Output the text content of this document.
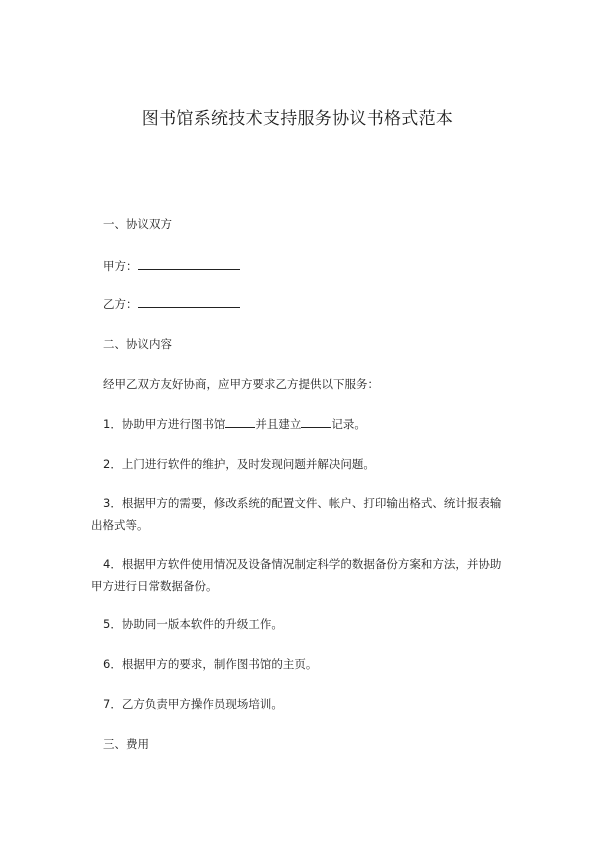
图书馆系统技术支持服务协议书格式范本
一、协议双方
甲方：
乙方：
二、协议内容
经甲乙双方友好协商，应甲方要求乙方提供以下服务：
1．协助甲方进行图书馆	并且建立	记录。
2．上门进行软件的维护，及时发现问题并解决问题。
3．根据甲方的需要，修改系统的配置文件、帐户、打印输出格式、统计报表输出格式等。
4．根据甲方软件使用情况及设备情况制定科学的数据备份方案和方法，并协助甲方进行日常数据备份。
5．协助同一版本软件的升级工作。
6．根据甲方的要求，制作图书馆的主页。
7．乙方负责甲方操作员现场培训。
三、费用
